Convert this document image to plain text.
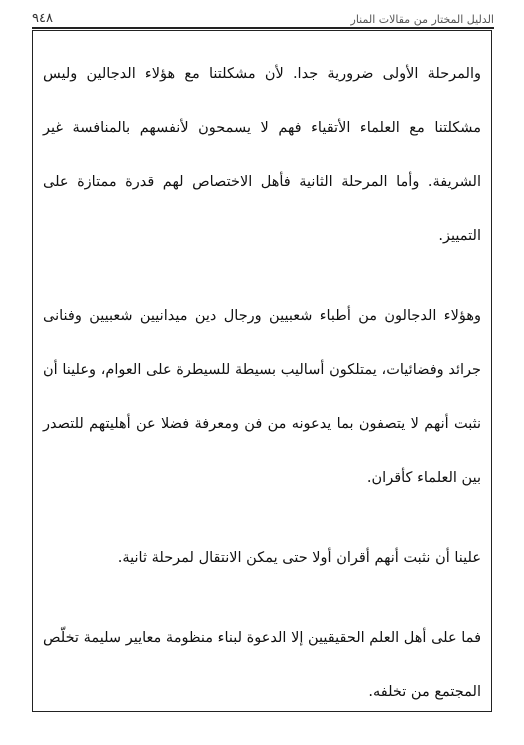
الدليل المختار من مقالات المنار
٩٤٨

والمرحلة الأولى ضرورية جدا. لأن مشكلتنا مع هؤلاء الدجالين وليس مشكلتنا مع العلماء الأتقياء فهم لا يسمحون لأنفسهم بالمنافسة غير الشريفة. وأما المرحلة الثانية فأهل الاختصاص لهم قدرة ممتازة على التمييز.

وهؤلاء الدجالون من أطباء شعبيين ورجال دين ميدانيين شعبيين وفنانى جرائد وفضائيات، يمتلكون أساليب بسيطة للسيطرة على العوام، وعلينا أن نثبت أنهم لا يتصفون بما يدعونه من فن ومعرفة فضلا عن أهليتهم للتصدر بين العلماء كأقران.

علينا أن نثبت أنهم أقران أولا حتى يمكن الانتقال لمرحلة ثانية.

فما على أهل العلم الحقيقيين إلا الدعوة لبناء منظومة معايير سليمة تخلّص المجتمع من تخلفه.
